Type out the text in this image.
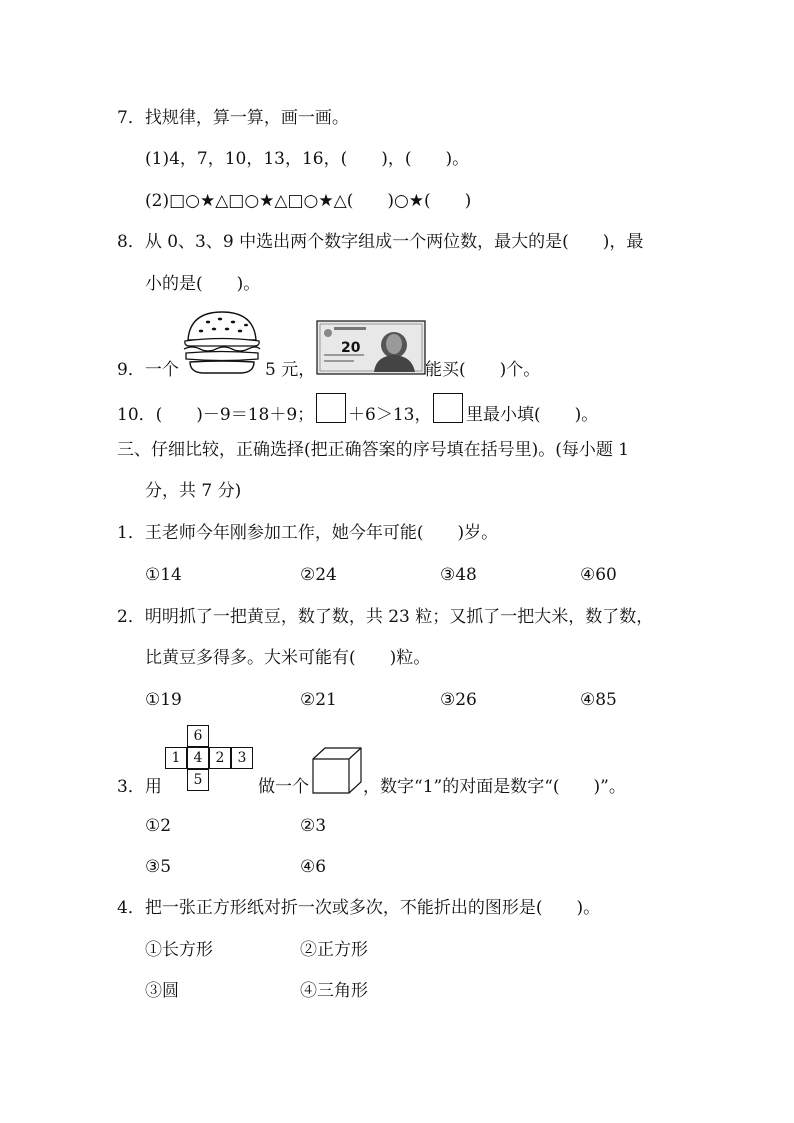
7．找规律，算一算，画一画。
(1)4，7，10，13，16，(　　)，(　　)。
(2)□○★△□○★△□○★△(　　)○★(　　)
8．从 0、3、9 中选出两个数字组成一个两位数，最大的是(　　)，最
小的是(　　)。
9．一个	5 元，
20
能买(　　)个。
10．(　　)－9＝18＋9； ＋6＞13， 里最小填(　　)。
三、仔细比较，正确选择(把正确答案的序号填在括号里)。(每小题 1
分，共 7 分)
1．王老师今年刚参加工作，她今年可能(　　)岁。
①14	②24	③48	④60
2．明明抓了一把黄豆，数了数，共 23 粒；又抓了一把大米，数了数，
比黄豆多得多。大米可能有(　　)粒。
①19	②21	③26	④85
3．用
6
1 4 2 3
5	做一个	，数字“1”的对面是数字“(　　)”。
①2	②3
③5	④6
4．把一张正方形纸对折一次或多次，不能折出的图形是(　　)。
①长方形	②正方形
③圆	④三角形
